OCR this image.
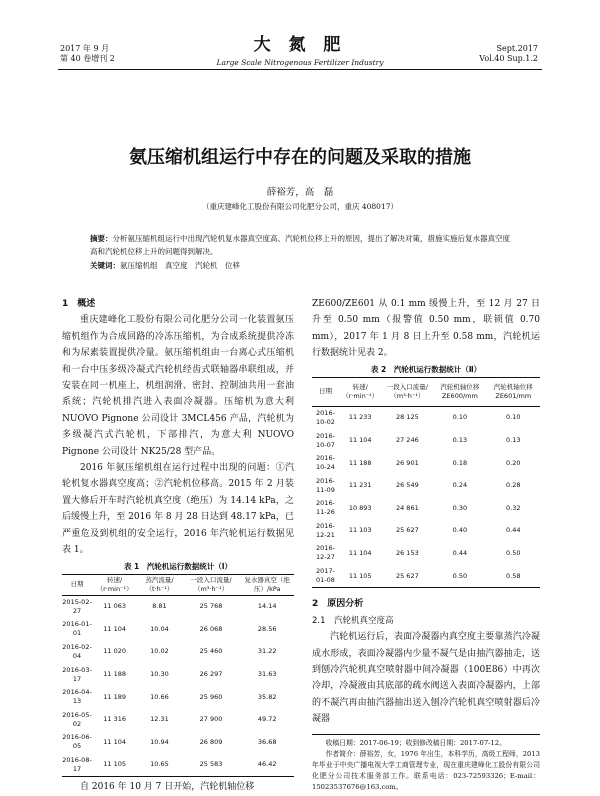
2017 年 9 月
第 40 卷增刊 2
大 氮 肥
Large Scale Nitrogenous Fertilizer Industry
Sept.2017
Vol.40 Sup.1.2
氨压缩机组运行中存在的问题及采取的措施
薛裕芳，高　磊
（重庆建峰化工股份有限公司化肥分公司，重庆 408017）
摘要：分析氨压缩机组运行中出现汽轮机复水器真空度高、汽轮机位移上升的原因，提出了解决对策，措施实施后复水器真空度高和汽轮机位移上升的问题得到解决。
关键词：氨压缩机组　真空度　汽轮机　位移
1　概述

重庆建峰化工股份有限公司化肥分公司一化装置氨压缩机组作为合成回路的冷冻压缩机，为合成系统提供冷冻和为尿素装置提供冷量。氨压缩机组由一台离心式压缩机和一台中压多级冷凝式汽轮机经齿式联轴器串联组成，并安装在同一机座上，机组润滑、密封、控制油共用一套油系统；汽轮机排汽进入表面冷凝器。压缩机为意大利 NUOVO Pignone 公司设计 3MCL456 产品，汽轮机为多级凝汽式汽轮机，下部排汽，为意大利 NUOVO Pignone 公司设计 NK25/28 型产品。

2016 年氨压缩机组在运行过程中出现的问题：①汽轮机复水器真空度高；②汽轮机位移高。2015 年 2 月装置大修后开车时汽轮机真空度（绝压）为 14.14 kPa，之后缓慢上升，至 2016 年 8 月 28 日达到 48.17 kPa，已严重危及到机组的安全运行，2016 年汽轮机运行数据见表 1。

表 1　汽轮机运行数据统计（Ⅰ）
日期	转速/（r·min⁻¹）	蒸汽流量/（t·h⁻¹）	一段入口流量/（m³·h⁻¹）	复水器真空（绝压）/kPa
2015-02-27	11 063	8.81	25 768	14.14
2016-01-01	11 104	10.04	26 068	28.56
2016-02-04	11 020	10.02	25 460	31.22
2016-03-17	11 188	10.30	26 297	31.63
2016-04-13	11 189	10.66	25 960	35.82
2016-05-02	11 316	12.31	27 900	49.72
2016-06-05	11 104	10.94	26 809	36.68
2016-08-17	11 105	10.65	25 583	46.42

自 2016 年 10 月 7 日开始，汽轮机轴位移

ZE600/ZE601 从 0.1 mm 缓慢上升，至 12 月 27 日升至 0.50 mm（报警值 0.50 mm，联锁值 0.70 mm），2017 年 1 月 8 日上升至 0.58 mm，汽轮机运行数据统计见表 2。

表 2　汽轮机运行数据统计（Ⅱ）
日期	转速/（r·min⁻¹）	一段入口流量/（m³·h⁻¹）	汽轮机轴位移 ZE600/mm	汽轮机轴位移 ZE601/mm
2016-10-02	11 233	28 125	0.10	0.10
2016-10-07	11 104	27 246	0.13	0.13
2016-10-24	11 188	26 901	0.18	0.20
2016-11-09	11 231	26 549	0.24	0.28
2016-11-26	10 893	24 861	0.30	0.32
2016-12-21	11 103	25 627	0.40	0.44
2016-12-27	11 104	26 153	0.44	0.50
2017-01-08	11 105	25 627	0.50	0.58
2　原因分析
2.1　汽轮机真空度高

汽轮机运行后，表面冷凝器内真空度主要靠蒸汽冷凝成水形成，表面冷凝器内少量不凝气是由抽汽器抽走，送到刨冷汽轮机真空喷射器中间冷凝器（100E86）中再次冷却，冷凝液由其底部的疏水阀送入表面冷凝器内，上部的不凝汽再由抽汽器抽出送入刨冷汽轮机真空喷射器后冷凝器

收稿日期：2017-06-19；收到修改稿日期：2017-07-12。

作者简介：薛裕芳，女，1976 年出生，本科学历，高级工程师，2013 年毕业于中央广播电视大学工商管理专业，现在重庆建峰化工股份有限公司化肥分公司技术服务部工作。联系电话：023-72593326；E-mail：15023537676@163.com。
